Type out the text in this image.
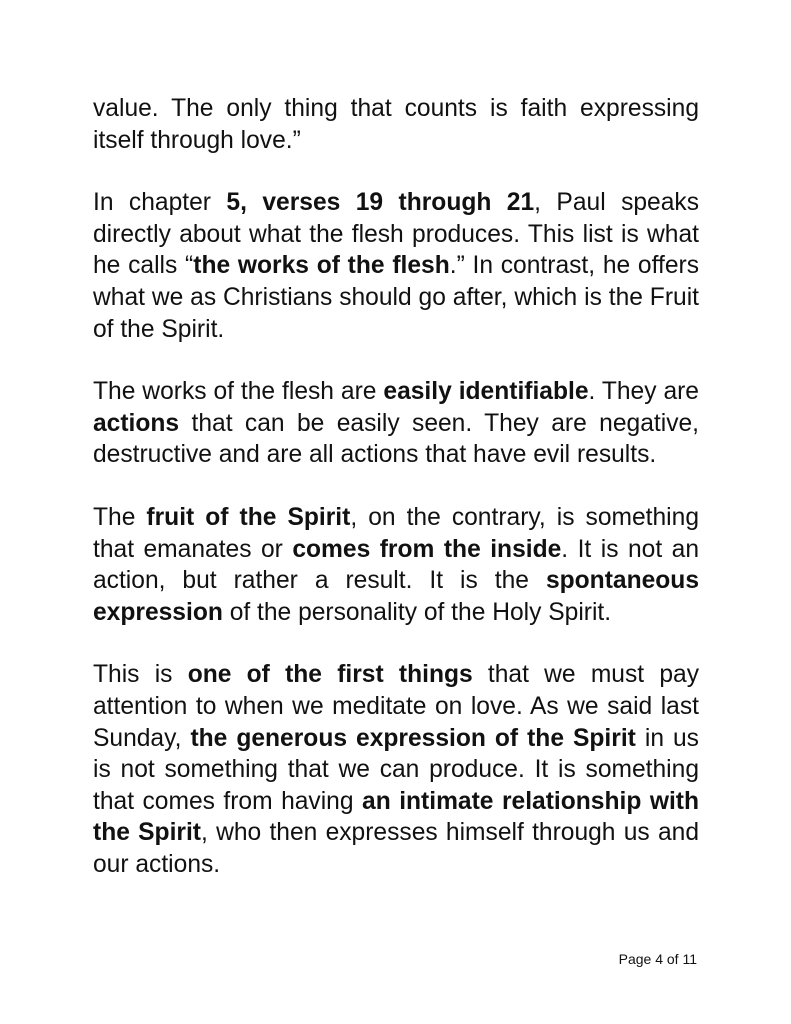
value. The only thing that counts is faith expressing itself through love.”

In chapter 5, verses 19 through 21, Paul speaks directly about what the flesh produces. This list is what he calls “the works of the flesh.” In contrast, he offers what we as Christians should go after, which is the Fruit of the Spirit.

The works of the flesh are easily identifiable. They are actions that can be easily seen. They are negative, destructive and are all actions that have evil results.

The fruit of the Spirit, on the contrary, is something that emanates or comes from the inside. It is not an action, but rather a result. It is the spontaneous expression of the personality of the Holy Spirit.

This is one of the first things that we must pay attention to when we meditate on love. As we said last Sunday, the generous expression of the Spirit in us is not something that we can produce. It is something that comes from having an intimate relationship with the Spirit, who then expresses himself through us and our actions.

Page 4 of 11
